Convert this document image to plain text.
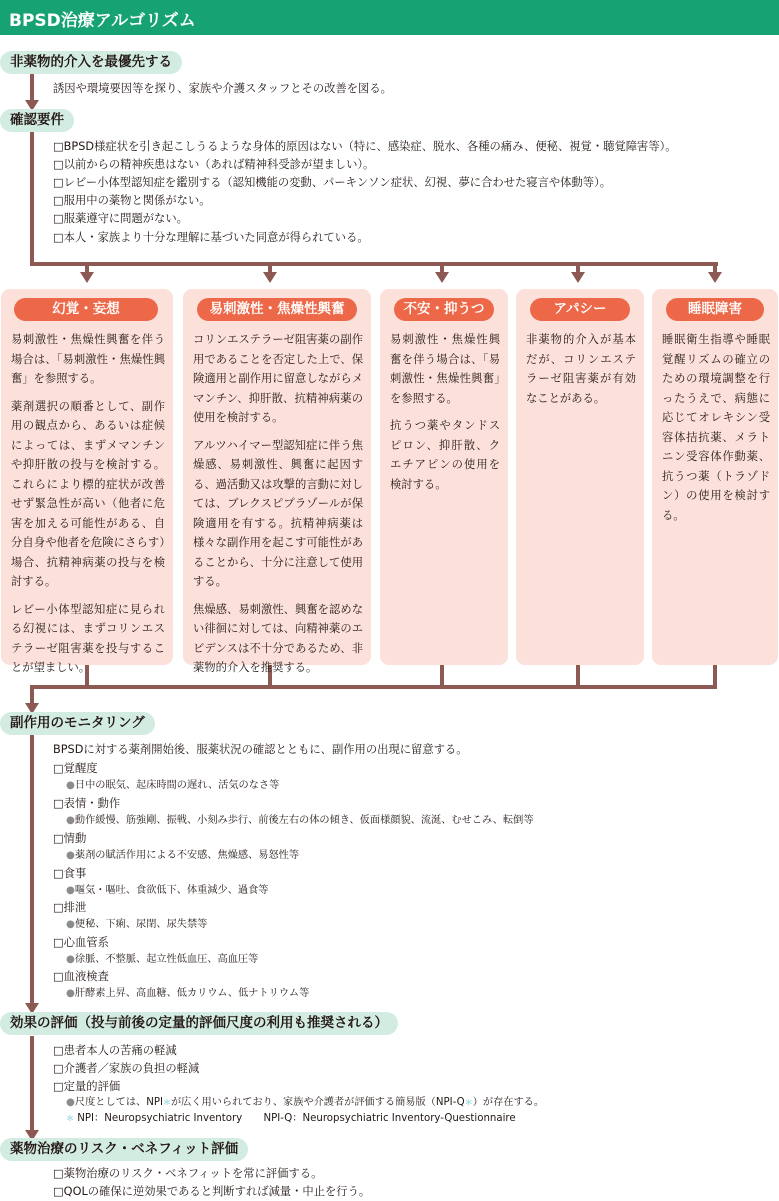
BPSD治療アルゴリズム
非薬物的介入を最優先する
誘因や環境要因等を探り、家族や介護スタッフとその改善を図る。
確認要件
□BPSD様症状を引き起こしうるような身体的原因はない（特に、感染症、脱水、各種の痛み、便秘、視覚・聴覚障害等）。
□以前からの精神疾患はない（あれば精神科受診が望ましい）。
□レビー小体型認知症を鑑別する（認知機能の変動、パーキンソン症状、幻視、夢に合わせた寝言や体動等）。
□服用中の薬物と関係がない。
□服薬遵守に問題がない。
□本人・家族より十分な理解に基づいた同意が得られている。
幻覚・妄想

易刺激性・焦燥性興奮を伴う場合は、「易刺激性・焦燥性興奮」を参照する。

薬剤選択の順番として、副作用の観点から、あるいは症候によっては、まずメマンチンや抑肝散の投与を検討する。これらにより標的症状が改善せず緊急性が高い（他者に危害を加える可能性がある、自分自身や他者を危険にさらす）場合、抗精神病薬の投与を検討する。

レビー小体型認知症に見られる幻視には、まずコリンエステラーゼ阻害薬を投与することが望ましい。

易刺激性・焦燥性興奮

コリンエステラーゼ阻害薬の副作用であることを否定した上で、保険適用と副作用に留意しながらメマンチン、抑肝散、抗精神病薬の使用を検討する。

アルツハイマー型認知症に伴う焦燥感、易刺激性、興奮に起因する、過活動又は攻撃的言動に対しては、ブレクスピプラゾールが保険適用を有する。抗精神病薬は様々な副作用を起こす可能性があることから、十分に注意して使用する。

焦燥感、易刺激性、興奮を認めない徘徊に対しては、向精神薬のエビデンスは不十分であるため、非薬物的介入を推奨する。

不安・抑うつ

易刺激性・焦燥性興奮を伴う場合は、「易刺激性・焦燥性興奮」を参照する。

抗うつ薬やタンドスピロン、抑肝散、クエチアピンの使用を検討する。

アパシー

非薬物的介入が基本だが、コリンエステラーゼ阻害薬が有効なことがある。

睡眠障害

睡眠衛生指導や睡眠覚醒リズムの確立のための環境調整を行ったうえで、病態に応じてオレキシン受容体拮抗薬、メラトニン受容体作動薬、抗うつ薬（トラゾドン）の使用を検討する。

副作用のモニタリング
BPSDに対する薬剤開始後、服薬状況の確認とともに、副作用の出現に留意する。
□覚醒度
●日中の眠気、起床時間の遅れ、活気のなさ等
□表情・動作
●動作緩慢、筋強剛、振戦、小刻み歩行、前後左右の体の傾き、仮面様顔貌、流涎、むせこみ、転倒等
□情動
●薬剤の賦活作用による不安感、焦燥感、易怒性等
□食事
●嘔気・嘔吐、食欲低下、体重減少、過食等
□排泄
●便秘、下痢、尿閉、尿失禁等
□心血管系
●徐脈、不整脈、起立性低血圧、高血圧等
□血液検査
●肝酵素上昇、高血糖、低カリウム、低ナトリウム等
効果の評価（投与前後の定量的評価尺度の利用も推奨される）
□患者本人の苦痛の軽減
□介護者／家族の負担の軽減
□定量的評価
●尺度としては、NPI＊が広く用いられており、家族や介護者が評価する簡易版（NPI-Q＊）が存在する。
＊ NPI：Neuropsychiatric Inventory NPI-Q：Neuropsychiatric Inventory-Questionnaire
薬物治療のリスク・ベネフィット評価
□薬物治療のリスク・ベネフィットを常に評価する。
□QOLの確保に逆効果であると判断すれば減量・中止を行う。
